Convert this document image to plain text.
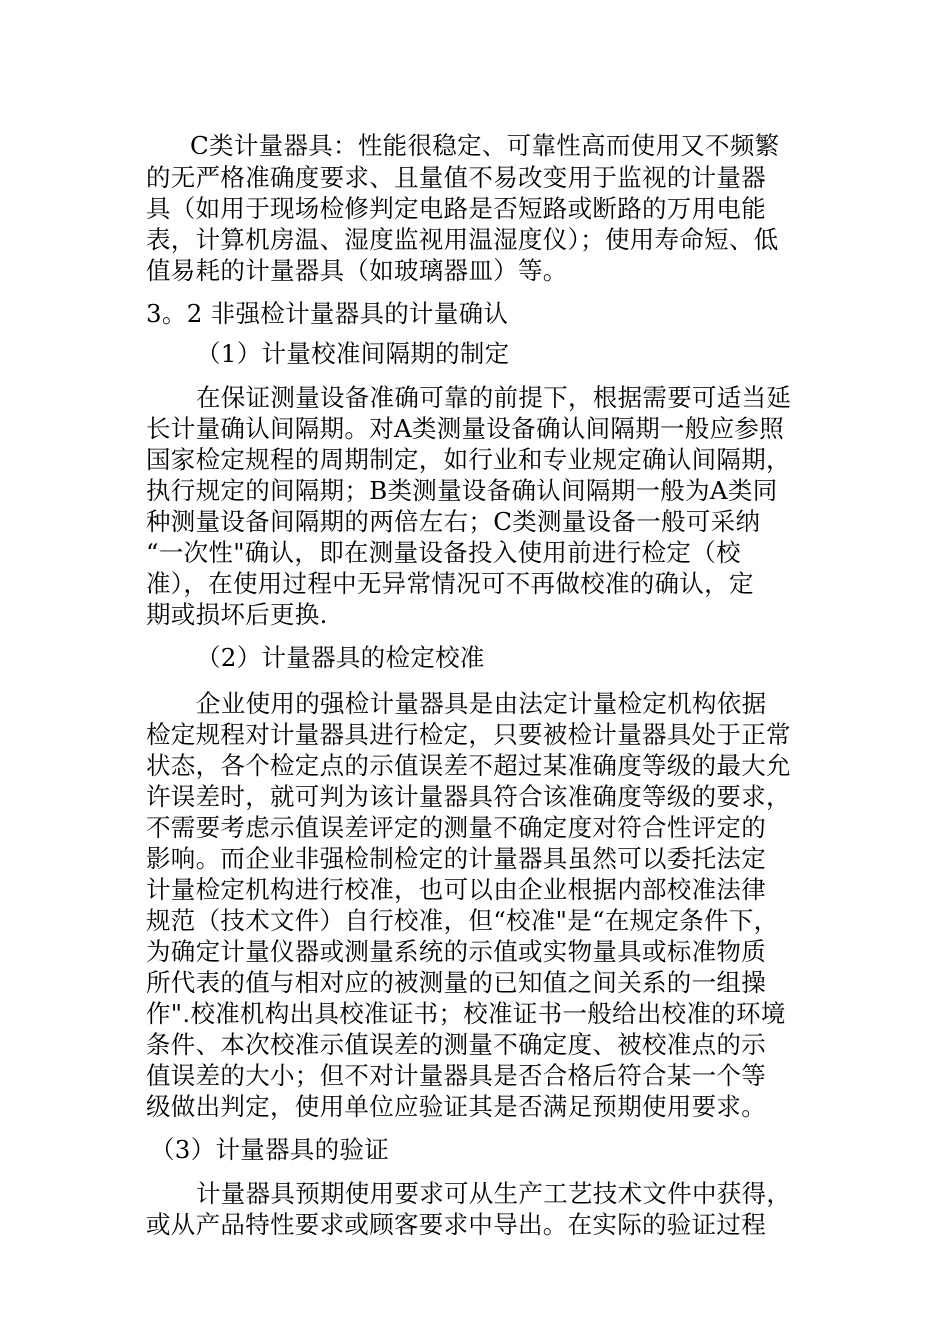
C类计量器具：性能很稳定、可靠性高而使用又不频繁
的无严格准确度要求、且量值不易改变用于监视的计量器
具（如用于现场检修判定电路是否短路或断路的万用电能
表，计算机房温、湿度监视用温湿度仪）；使用寿命短、低
值易耗的计量器具（如玻璃器皿）等。
3。2 非强检计量器具的计量确认
（1）计量校准间隔期的制定
在保证测量设备准确可靠的前提下，根据需要可适当延
长计量确认间隔期。对A类测量设备确认间隔期一般应参照
国家检定规程的周期制定，如行业和专业规定确认间隔期，
执行规定的间隔期；B类测量设备确认间隔期一般为A类同
种测量设备间隔期的两倍左右；C类测量设备一般可采纳
“一次性"确认，即在测量设备投入使用前进行检定（校
准），在使用过程中无异常情况可不再做校准的确认，定
期或损坏后更换.
（2）计量器具的检定校准
企业使用的强检计量器具是由法定计量检定机构依据
检定规程对计量器具进行检定，只要被检计量器具处于正常
状态，各个检定点的示值误差不超过某准确度等级的最大允
许误差时，就可判为该计量器具符合该准确度等级的要求，
不需要考虑示值误差评定的测量不确定度对符合性评定的
影响。而企业非强检制检定的计量器具虽然可以委托法定
计量检定机构进行校准，也可以由企业根据内部校准法律
规范（技术文件）自行校准，但“校准"是“在规定条件下，
为确定计量仪器或测量系统的示值或实物量具或标准物质
所代表的值与相对应的被测量的已知值之间关系的一组操
作".校准机构出具校准证书；校准证书一般给出校准的环境
条件、本次校准示值误差的测量不确定度、被校准点的示
值误差的大小；但不对计量器具是否合格后符合某一个等
级做出判定，使用单位应验证其是否满足预期使用要求。
（3）计量器具的验证
计量器具预期使用要求可从生产工艺技术文件中获得，
或从产品特性要求或顾客要求中导出。在实际的验证过程
